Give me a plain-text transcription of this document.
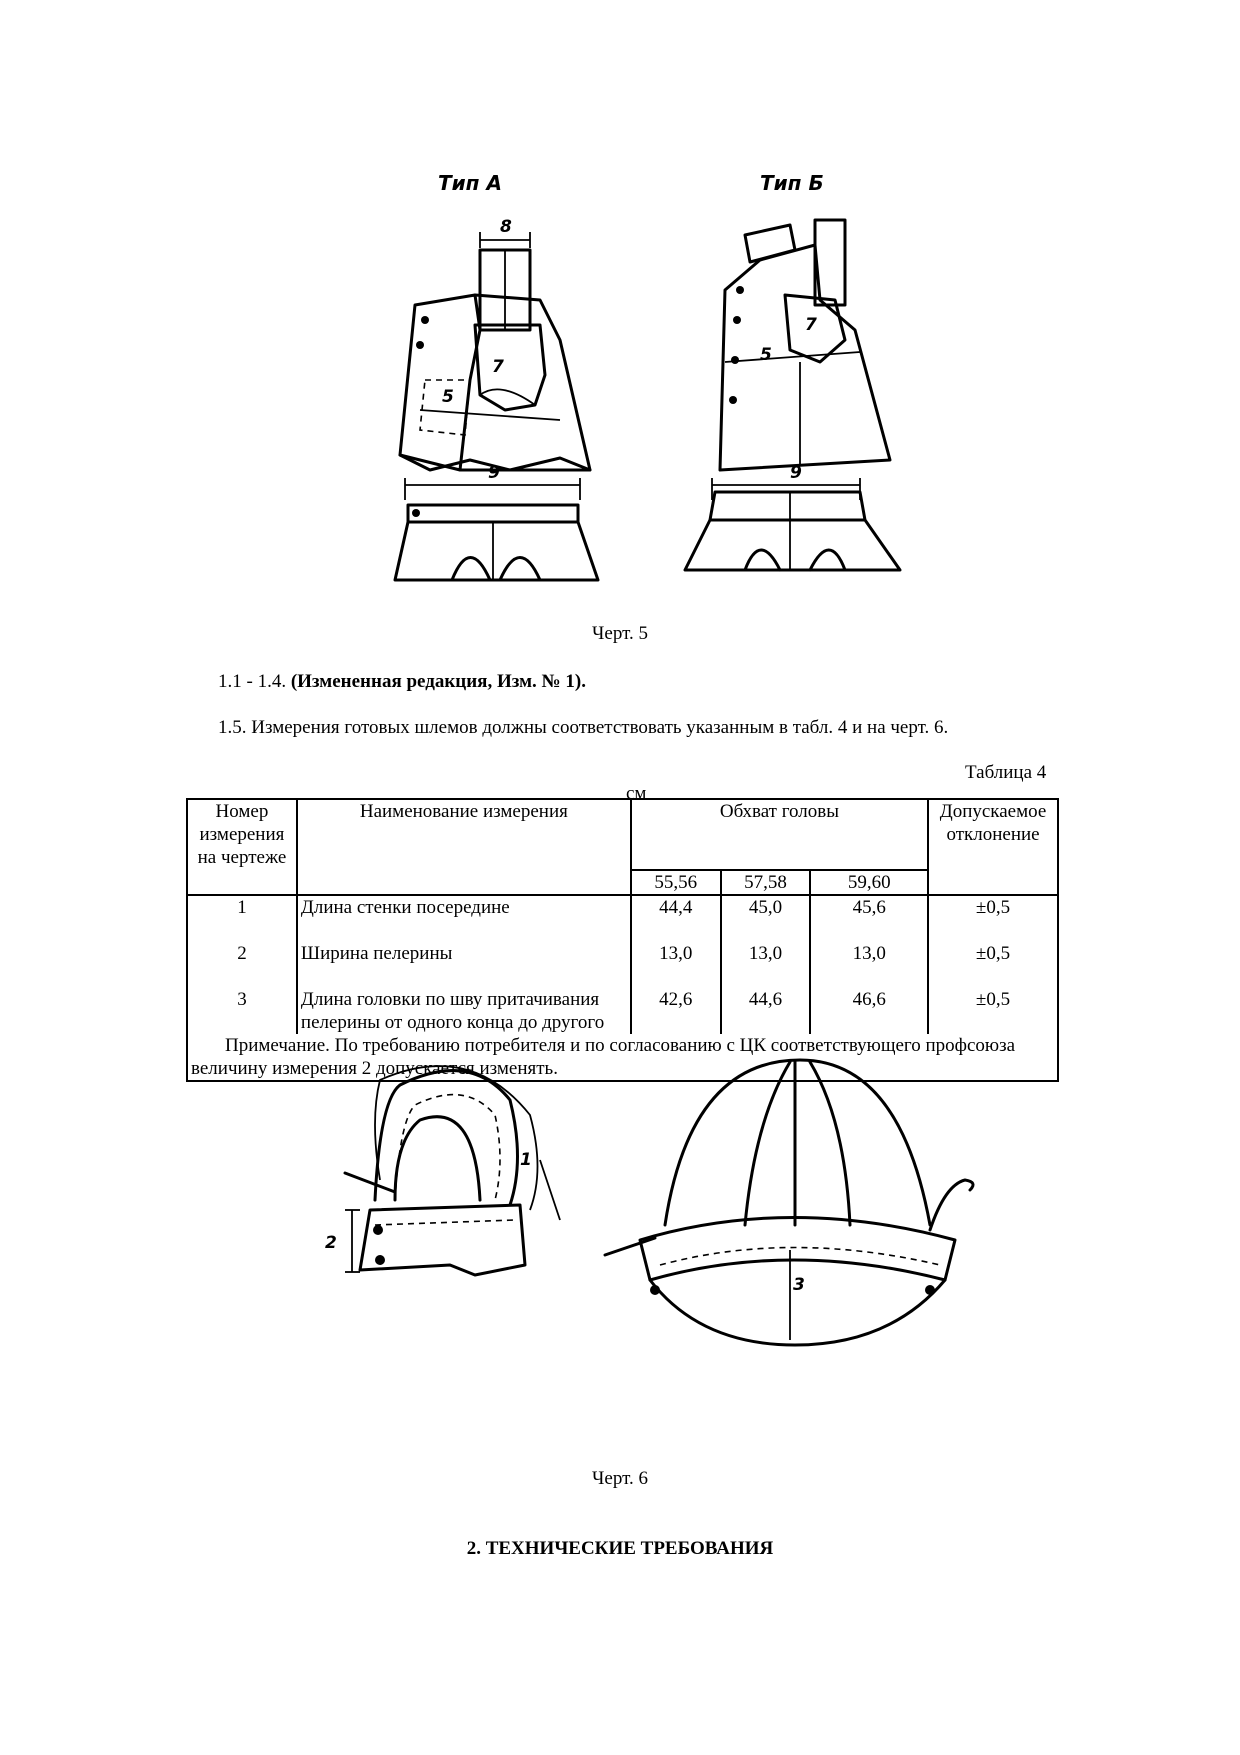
Тип А	Тип Б
8
7
5
9
7
5
9
1
2
3
Черт. 5
1.1 - 1.4. (Измененная редакция, Изм. № 1).
1.5. Измерения готовых шлемов должны соответствовать указанным в табл. 4 и на черт. 6.
Таблица 4
см
Номер измерения на чертеже	Наименование измерения	Обхват головы			Допускаемое отклонение
		55,56	57,58	59,60	
1	Длина стенки посередине	44,4	45,0	45,6	±0,5
2	Ширина пелерины	13,0	13,0	13,0	±0,5
3	Длина головки по шву притачивания пелерины от одного конца до другого	42,6	44,6	46,6	±0,5
Примечание. По требованию потребителя и по согласованию с ЦК соответствующего профсоюза величину измерения 2 допускается изменять.					
Черт. 6
2. ТЕХНИЧЕСКИЕ ТРЕБОВАНИЯ
